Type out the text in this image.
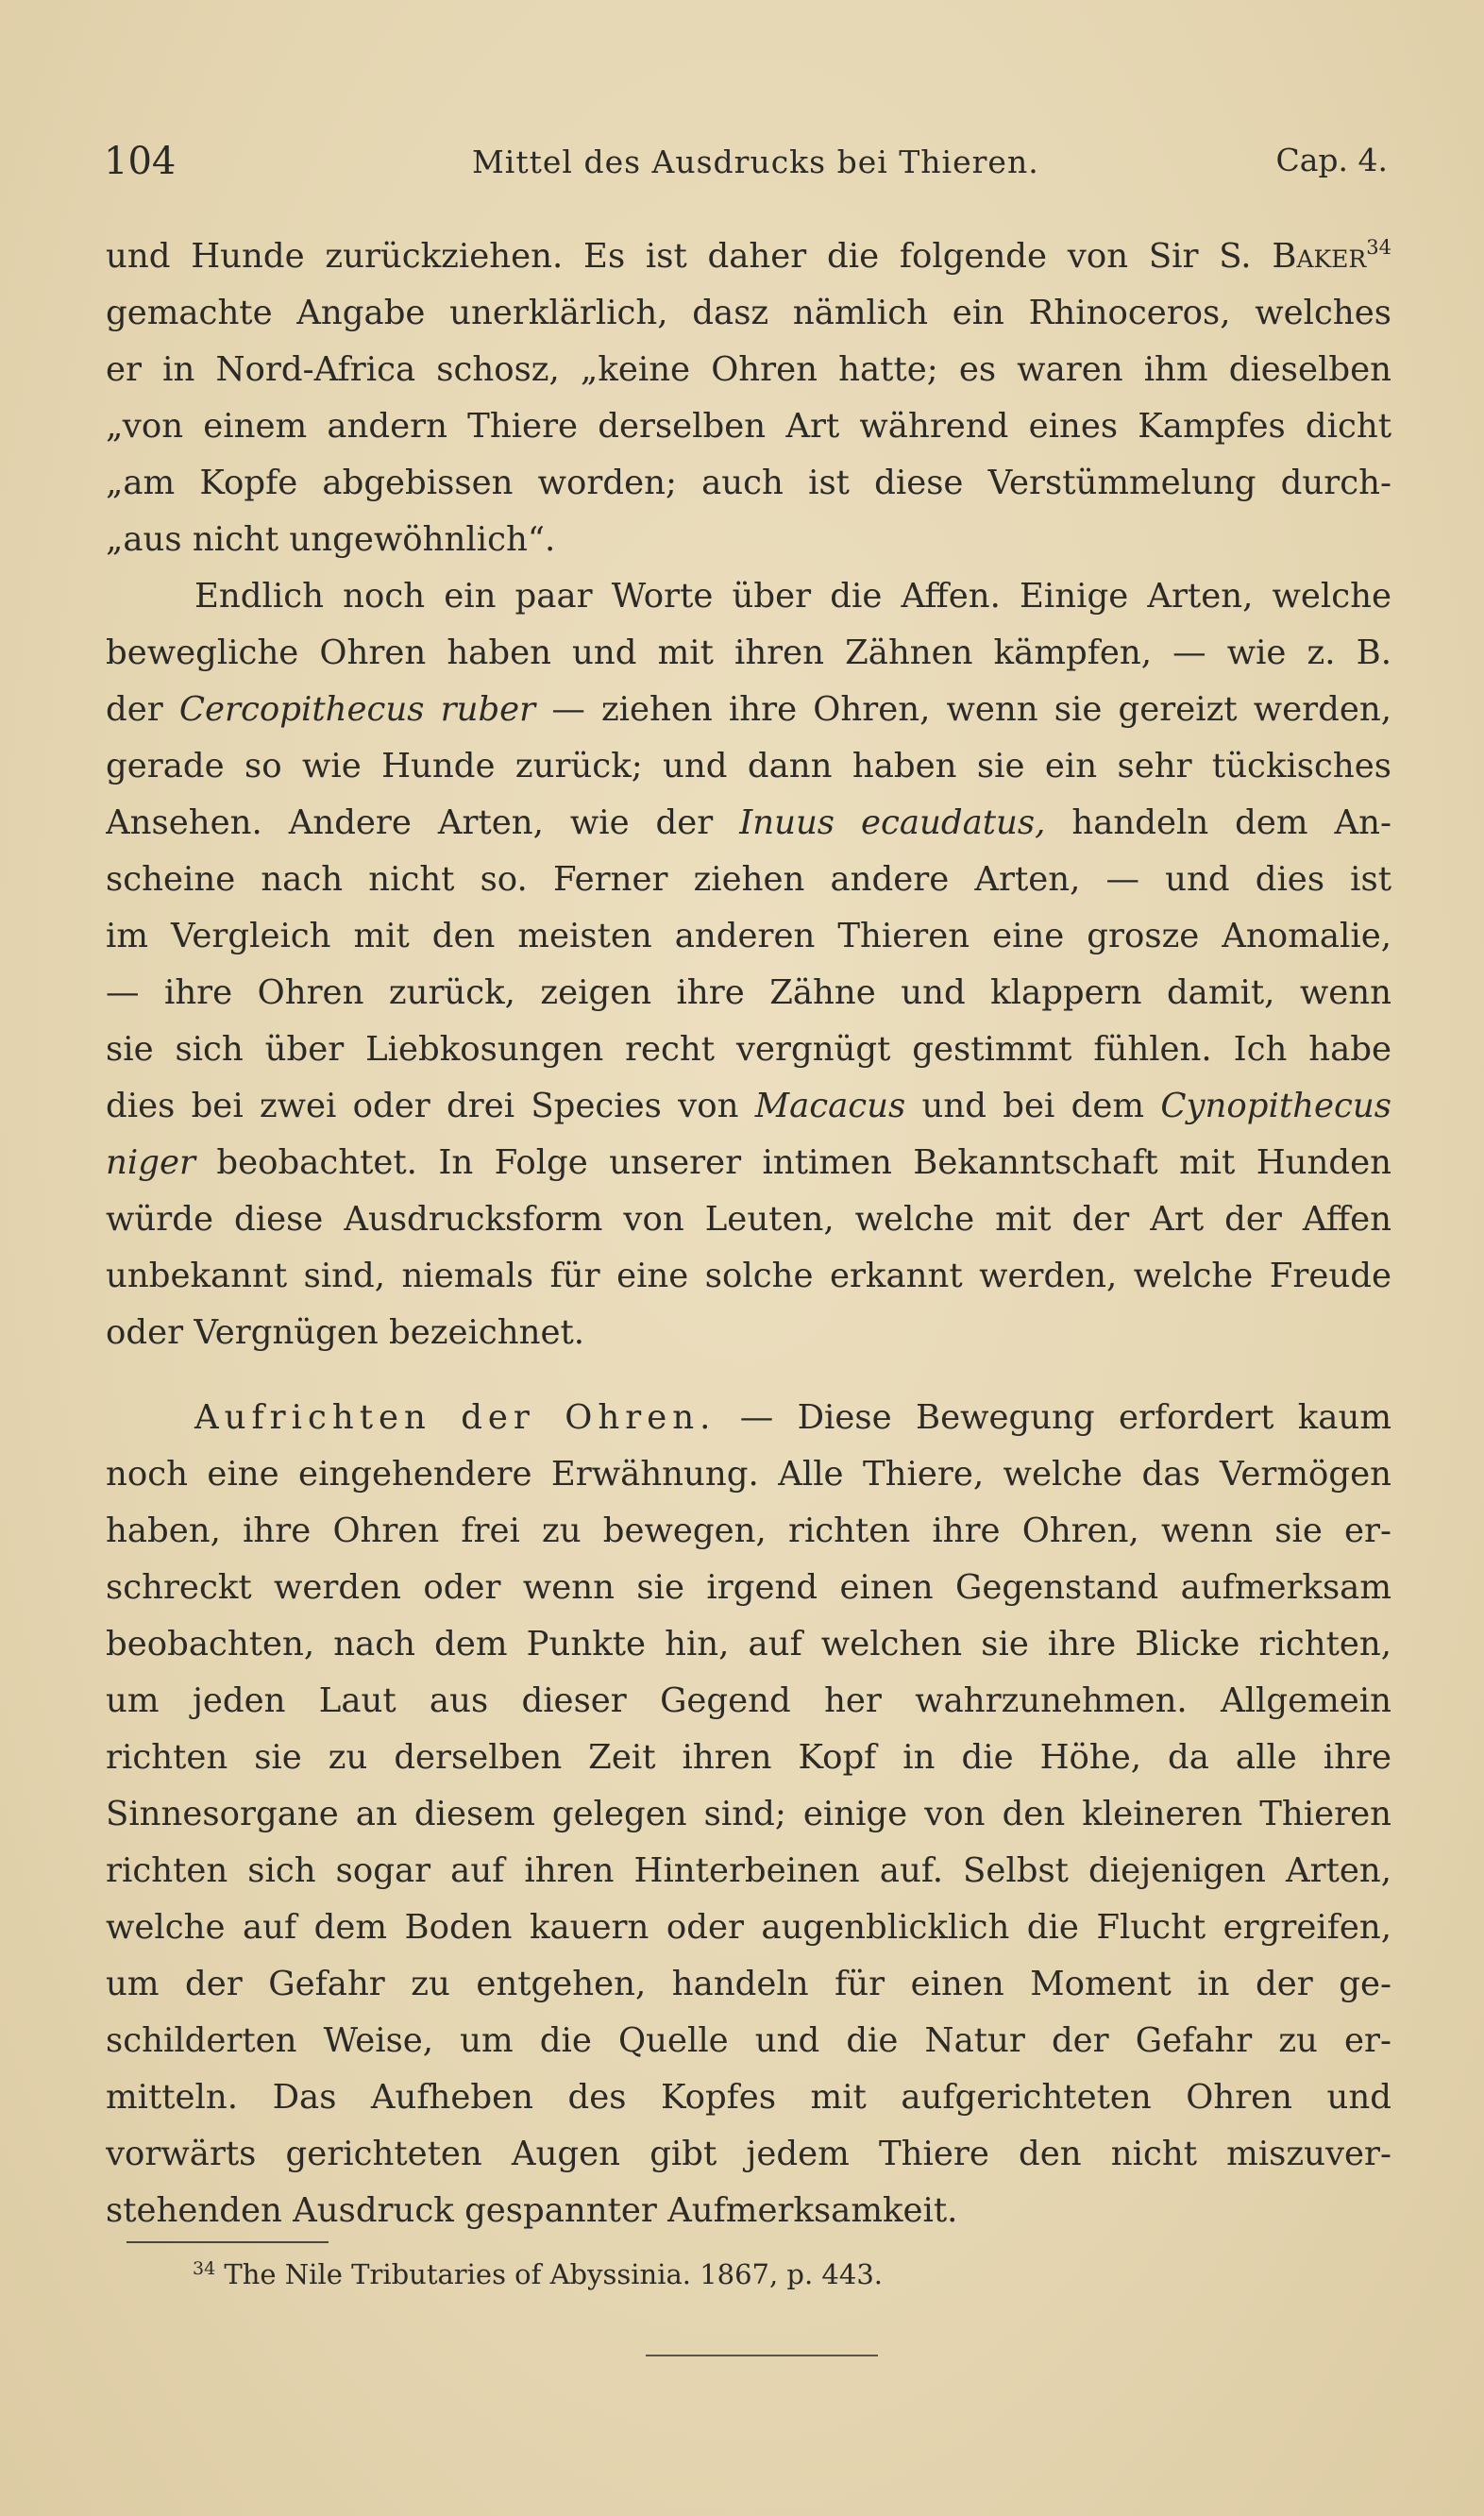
104	Mittel des Ausdrucks bei Thieren.	Cap. 4.
und Hunde zurückziehen. Es ist daher die folgende von Sir S. Baker$^{34}$
gemachte Angabe unerklärlich, dasz nämlich ein Rhinoceros, welches
er in Nord-Africa schosz, „keine Ohren hatte; es waren ihm dieselben
„von einem andern Thiere derselben Art während eines Kampfes dicht
„am Kopfe abgebissen worden; auch ist diese Verstümmelung durch-
„aus nicht ungewöhnlich“.
Endlich noch ein paar Worte über die Affen. Einige Arten, welche
bewegliche Ohren haben und mit ihren Zähnen kämpfen, — wie z. B.
der Cercopithecus ruber — ziehen ihre Ohren, wenn sie gereizt werden,
gerade so wie Hunde zurück; und dann haben sie ein sehr tückisches
Ansehen. Andere Arten, wie der Inuus ecaudatus, handeln dem An-
scheine nach nicht so. Ferner ziehen andere Arten, — und dies ist
im Vergleich mit den meisten anderen Thieren eine grosze Anomalie,
— ihre Ohren zurück, zeigen ihre Zähne und klappern damit, wenn
sie sich über Liebkosungen recht vergnügt gestimmt fühlen. Ich habe
dies bei zwei oder drei Species von Macacus und bei dem Cynopithecus
niger beobachtet. In Folge unserer intimen Bekanntschaft mit Hunden
würde diese Ausdrucksform von Leuten, welche mit der Art der Affen
unbekannt sind, niemals für eine solche erkannt werden, welche Freude
oder Vergnügen bezeichnet.
Aufrichten der Ohren. — Diese Bewegung erfordert kaum
noch eine eingehendere Erwähnung. Alle Thiere, welche das Vermögen
haben, ihre Ohren frei zu bewegen, richten ihre Ohren, wenn sie er-
schreckt werden oder wenn sie irgend einen Gegenstand aufmerksam
beobachten, nach dem Punkte hin, auf welchen sie ihre Blicke richten,
um jeden Laut aus dieser Gegend her wahrzunehmen. Allgemein
richten sie zu derselben Zeit ihren Kopf in die Höhe, da alle ihre
Sinnesorgane an diesem gelegen sind; einige von den kleineren Thieren
richten sich sogar auf ihren Hinterbeinen auf. Selbst diejenigen Arten,
welche auf dem Boden kauern oder augenblicklich die Flucht ergreifen,
um der Gefahr zu entgehen, handeln für einen Moment in der ge-
schilderten Weise, um die Quelle und die Natur der Gefahr zu er-
mitteln. Das Aufheben des Kopfes mit aufgerichteten Ohren und
vorwärts gerichteten Augen gibt jedem Thiere den nicht miszuver-
stehenden Ausdruck gespannter Aufmerksamkeit.
$^{34}$ The Nile Tributaries of Abyssinia. 1867, p. 443.
